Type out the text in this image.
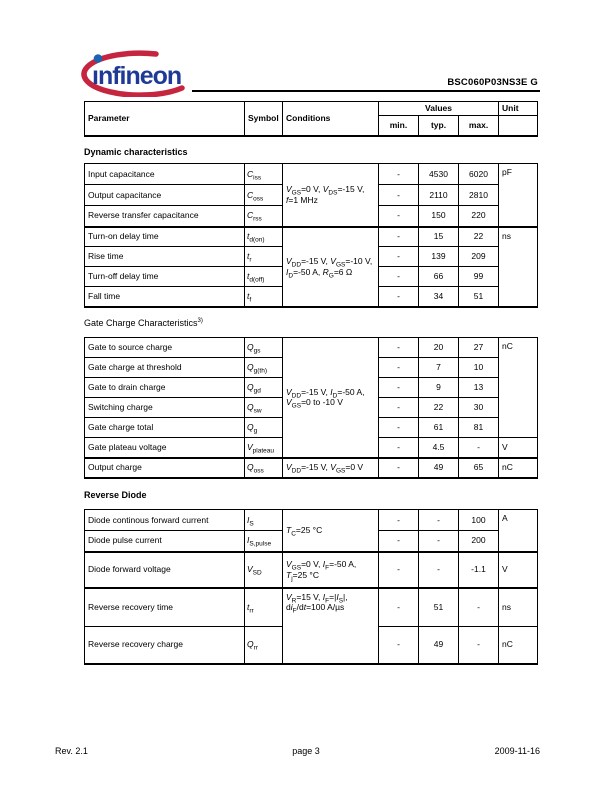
ınfineon	BSC060P03NS3E G
Parameter	Symbol	Conditions	Values			Unit
			min.	typ.	max.	
Dynamic characteristics
Input capacitance	$C_{iss}$	$V_{GS}=0$ V, $V_{DS}=-15$ V, f=1 MHz	-	4530	6020	pF
Output capacitance	$C_{oss}$		-	2110	2810	
Reverse transfer capacitance	$C_{rss}$		-	150	220	
Turn-on delay time	$t_{d(on)}$	$V_{DD}=-15$ V, $V_{GS}=-10$ V, $I_D=-50$ A, $R_G=6$ Ω	-	15	22	ns
Rise time	$t_r$		-	139	209	
Turn-off delay time	$t_{d(off)}$		-	66	99	
Fall time	$t_f$		-	34	51	
Gate Charge Characteristics$^{3)}$
Gate to source charge	$Q_{gs}$	$V_{DD}=-15$ V, $I_D=-50$ A, $V_{GS}=0$ to -10 V	-	20	27	nC
Gate charge at threshold	$Q_{g(th)}$		-	7	10	
Gate to drain charge	$Q_{gd}$		-	9	13	
Switching charge	$Q_{sw}$		-	22	30	
Gate charge total	$Q_g$		-	61	81	
Gate plateau voltage	$V_{plateau}$		-	4.5	-	V
Output charge	$Q_{oss}$	$V_{DD}=-15$ V, $V_{GS}=0$ V	-	49	65	nC
Reverse Diode
Diode continous forward current	$I_S$	$T_C=25$ °C	-	-	100	A
Diode pulse current	$I_{S,pulse}$		-	-	200	
Diode forward voltage	$V_{SD}$	$V_{GS}=0$ V, $I_F=-50$ A, $T_j=25$ °C	-	-	-1.1	V
Reverse recovery time	$t_{rr}$	$V_R=15$ V, $I_F=|I_S|$, $di_F/dt=100$ A/µs	-	51	-	ns
Reverse recovery charge	$Q_{rr}$		-	49	-	nC
Rev. 2.1	page 3	2009-11-16
